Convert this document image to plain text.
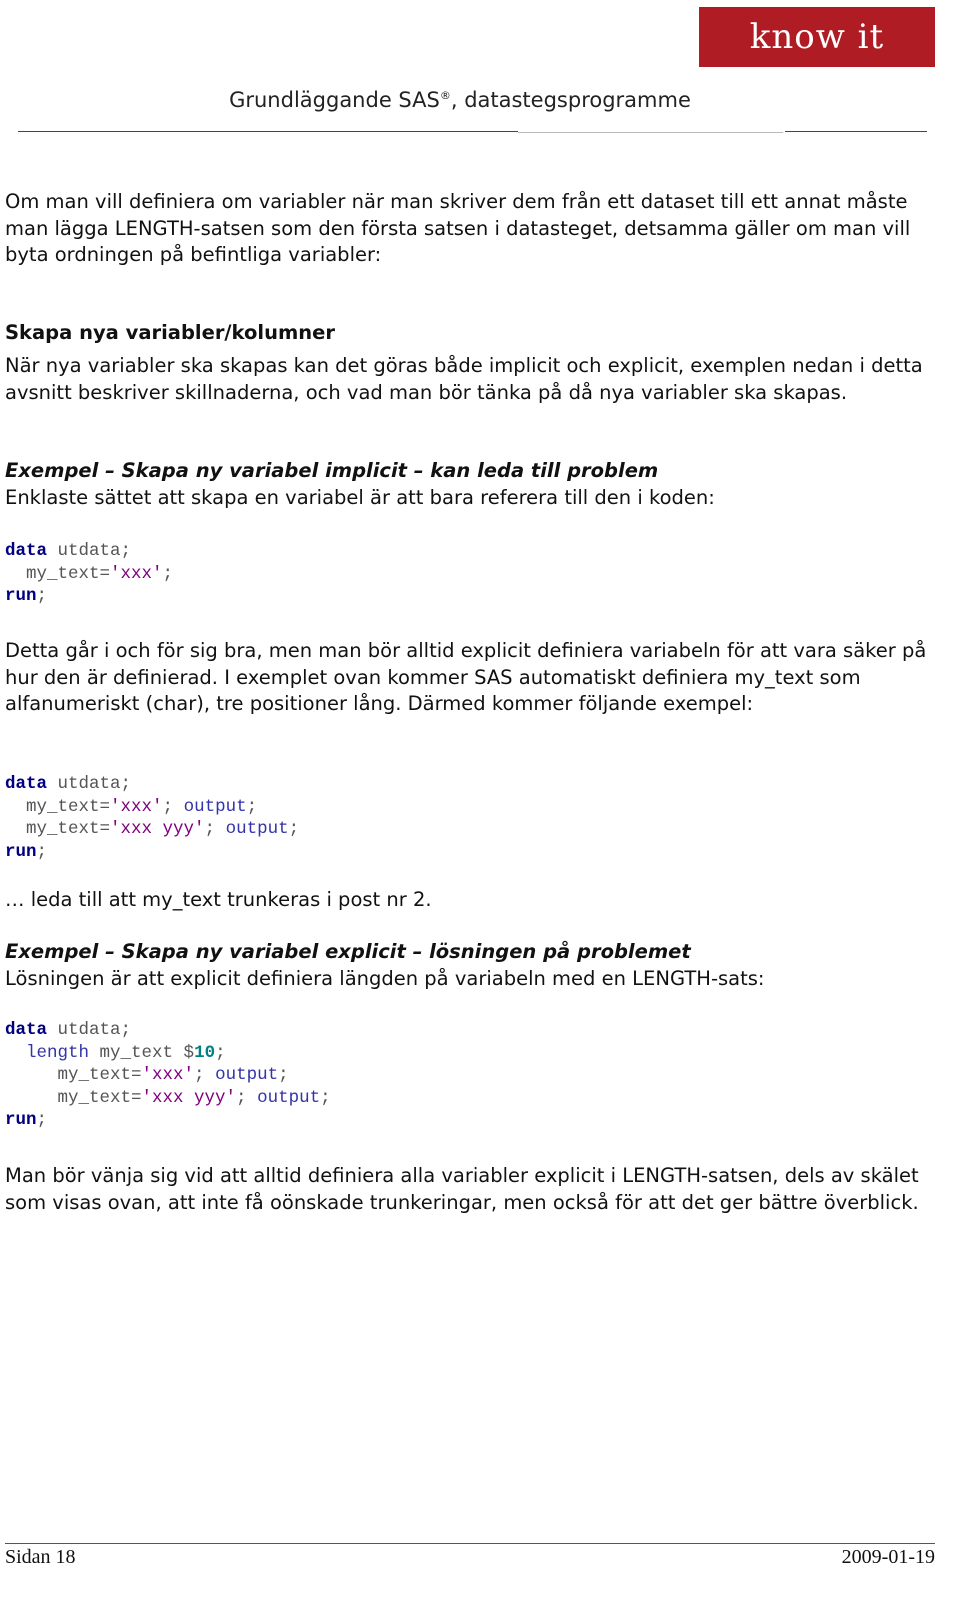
know it
Grundläggande SAS®, datastegsprogramme
Om man vill definiera om variabler när man skriver dem från ett dataset till ett annat måste man lägga LENGTH-satsen som den första satsen i datasteget, detsamma gäller om man vill byta ordningen på befintliga variabler:
Skapa nya variabler/kolumner
När nya variabler ska skapas kan det göras både implicit och explicit, exemplen nedan i detta avsnitt beskriver skillnaderna, och vad man bör tänka på då nya variabler ska skapas.
Exempel – Skapa ny variabel implicit – kan leda till problem
Enklaste sättet att skapa en variabel är att bara referera till den i koden:
data utdata;
my_text='xxx';
run;
Detta går i och för sig bra, men man bör alltid explicit definiera variabeln för att vara säker på hur den är definierad. I exemplet ovan kommer SAS automatiskt definiera my_text som alfanumeriskt (char), tre positioner lång. Därmed kommer följande exempel:
data utdata;
my_text='xxx'; output;
my_text='xxx yyy'; output;
run;
… leda till att my_text trunkeras i post nr 2.
Exempel – Skapa ny variabel explicit – lösningen på problemet
Lösningen är att explicit definiera längden på variabeln med en LENGTH-sats:
data utdata;
length my_text $10;
my_text='xxx'; output;
my_text='xxx yyy'; output;
run;
Man bör vänja sig vid att alltid definiera alla variabler explicit i LENGTH-satsen, dels av skälet som visas ovan, att inte få oönskade trunkeringar, men också för att det ger bättre överblick.
Sidan 18	2009-01-19
